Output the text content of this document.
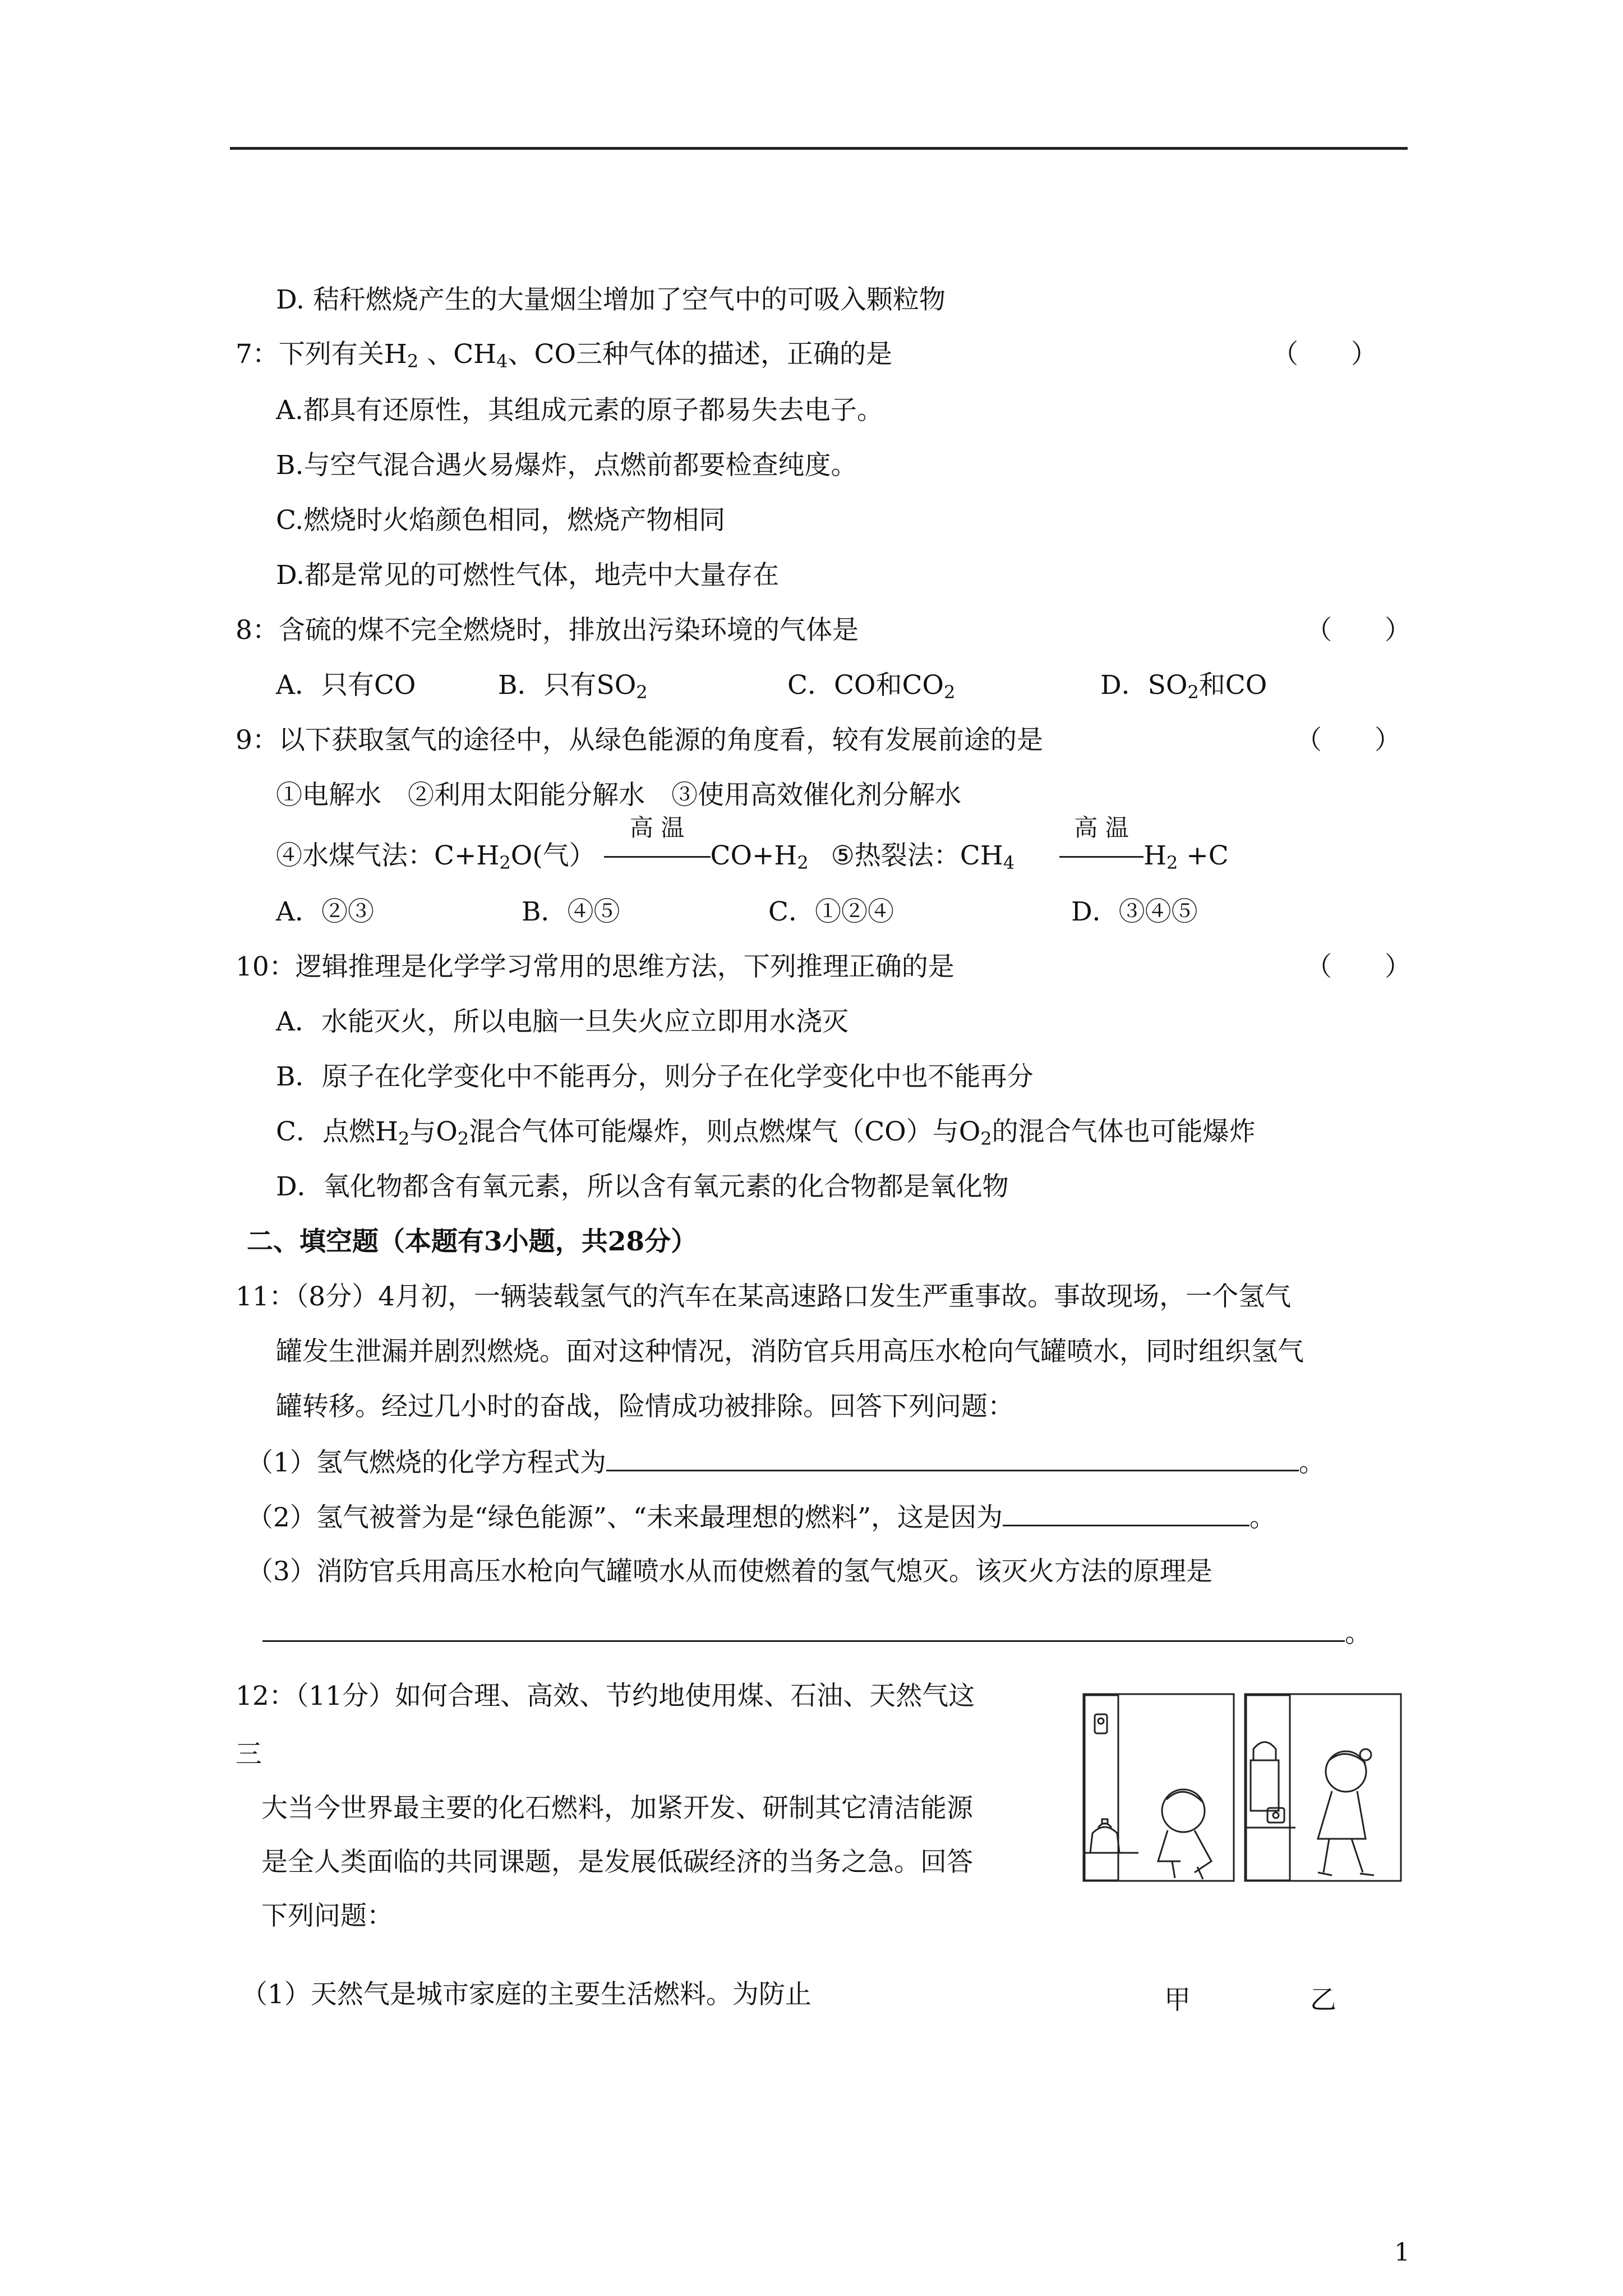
D. 秸秆燃烧产生的大量烟尘增加了空气中的可吸入颗粒物
7：下列有关$H_2$ 、$CH_4$、CO三种气体的描述，正确的是	（　　）
A.都具有还原性，其组成元素的原子都易失去电子。
B.与空气混合遇火易爆炸，点燃前都要检查纯度。
C.燃烧时火焰颜色相同，燃烧产物相同
D.都是常见的可燃性气体，地壳中大量存在
8：含硫的煤不完全燃烧时，排放出污染环境的气体是	（　　）
A．只有CO	B．只有$SO_2$	C．CO和$CO_2$	D．$SO_2$和CO
9：以下获取氢气的途径中，从绿色能源的角度看，较有发展前途的是	（　　）
①电解水　②利用太阳能分解水　③使用高效催化剂分解水
④水煤气法：$C+H_2O$(气）
高 温
$CO+H_2$ ⑤热裂法：$CH_4$
高 温
$H_2 +C$
A．②③	B．④⑤	C．①②④	D．③④⑤
10：逻辑推理是化学学习常用的思维方法，下列推理正确的是	（　　）
A．水能灭火，所以电脑一旦失火应立即用水浇灭
B．原子在化学变化中不能再分，则分子在化学变化中也不能再分
C．点燃$H_2$与$O_2$混合气体可能爆炸，则点燃煤气（CO）与$O_2$的混合气体也可能爆炸
D．氧化物都含有氧元素，所以含有氧元素的化合物都是氧化物
二、填空题（本题有3小题，共28分）
11：（8分）4月初，一辆装载氢气的汽车在某高速路口发生严重事故。事故现场，一个氢气
罐发生泄漏并剧烈燃烧。面对这种情况，消防官兵用高压水枪向气罐喷水，同时组织氢气
罐转移。经过几小时的奋战，险情成功被排除。回答下列问题：
（1）氢气燃烧的化学方程式为	。
（2）氢气被誉为是“绿色能源”、“未来最理想的燃料”，这是因为	。
（3）消防官兵用高压水枪向气罐喷水从而使燃着的氢气熄灭。该灭火方法的原理是
。
12：（11分）如何合理、高效、节约地使用煤、石油、天然气这
三
大当今世界最主要的化石燃料，加紧开发、研制其它清洁能源
是全人类面临的共同课题，是发展低碳经济的当务之急。回答
下列问题：
（1）天然气是城市家庭的主要生活燃料。为防止	甲	乙
1
